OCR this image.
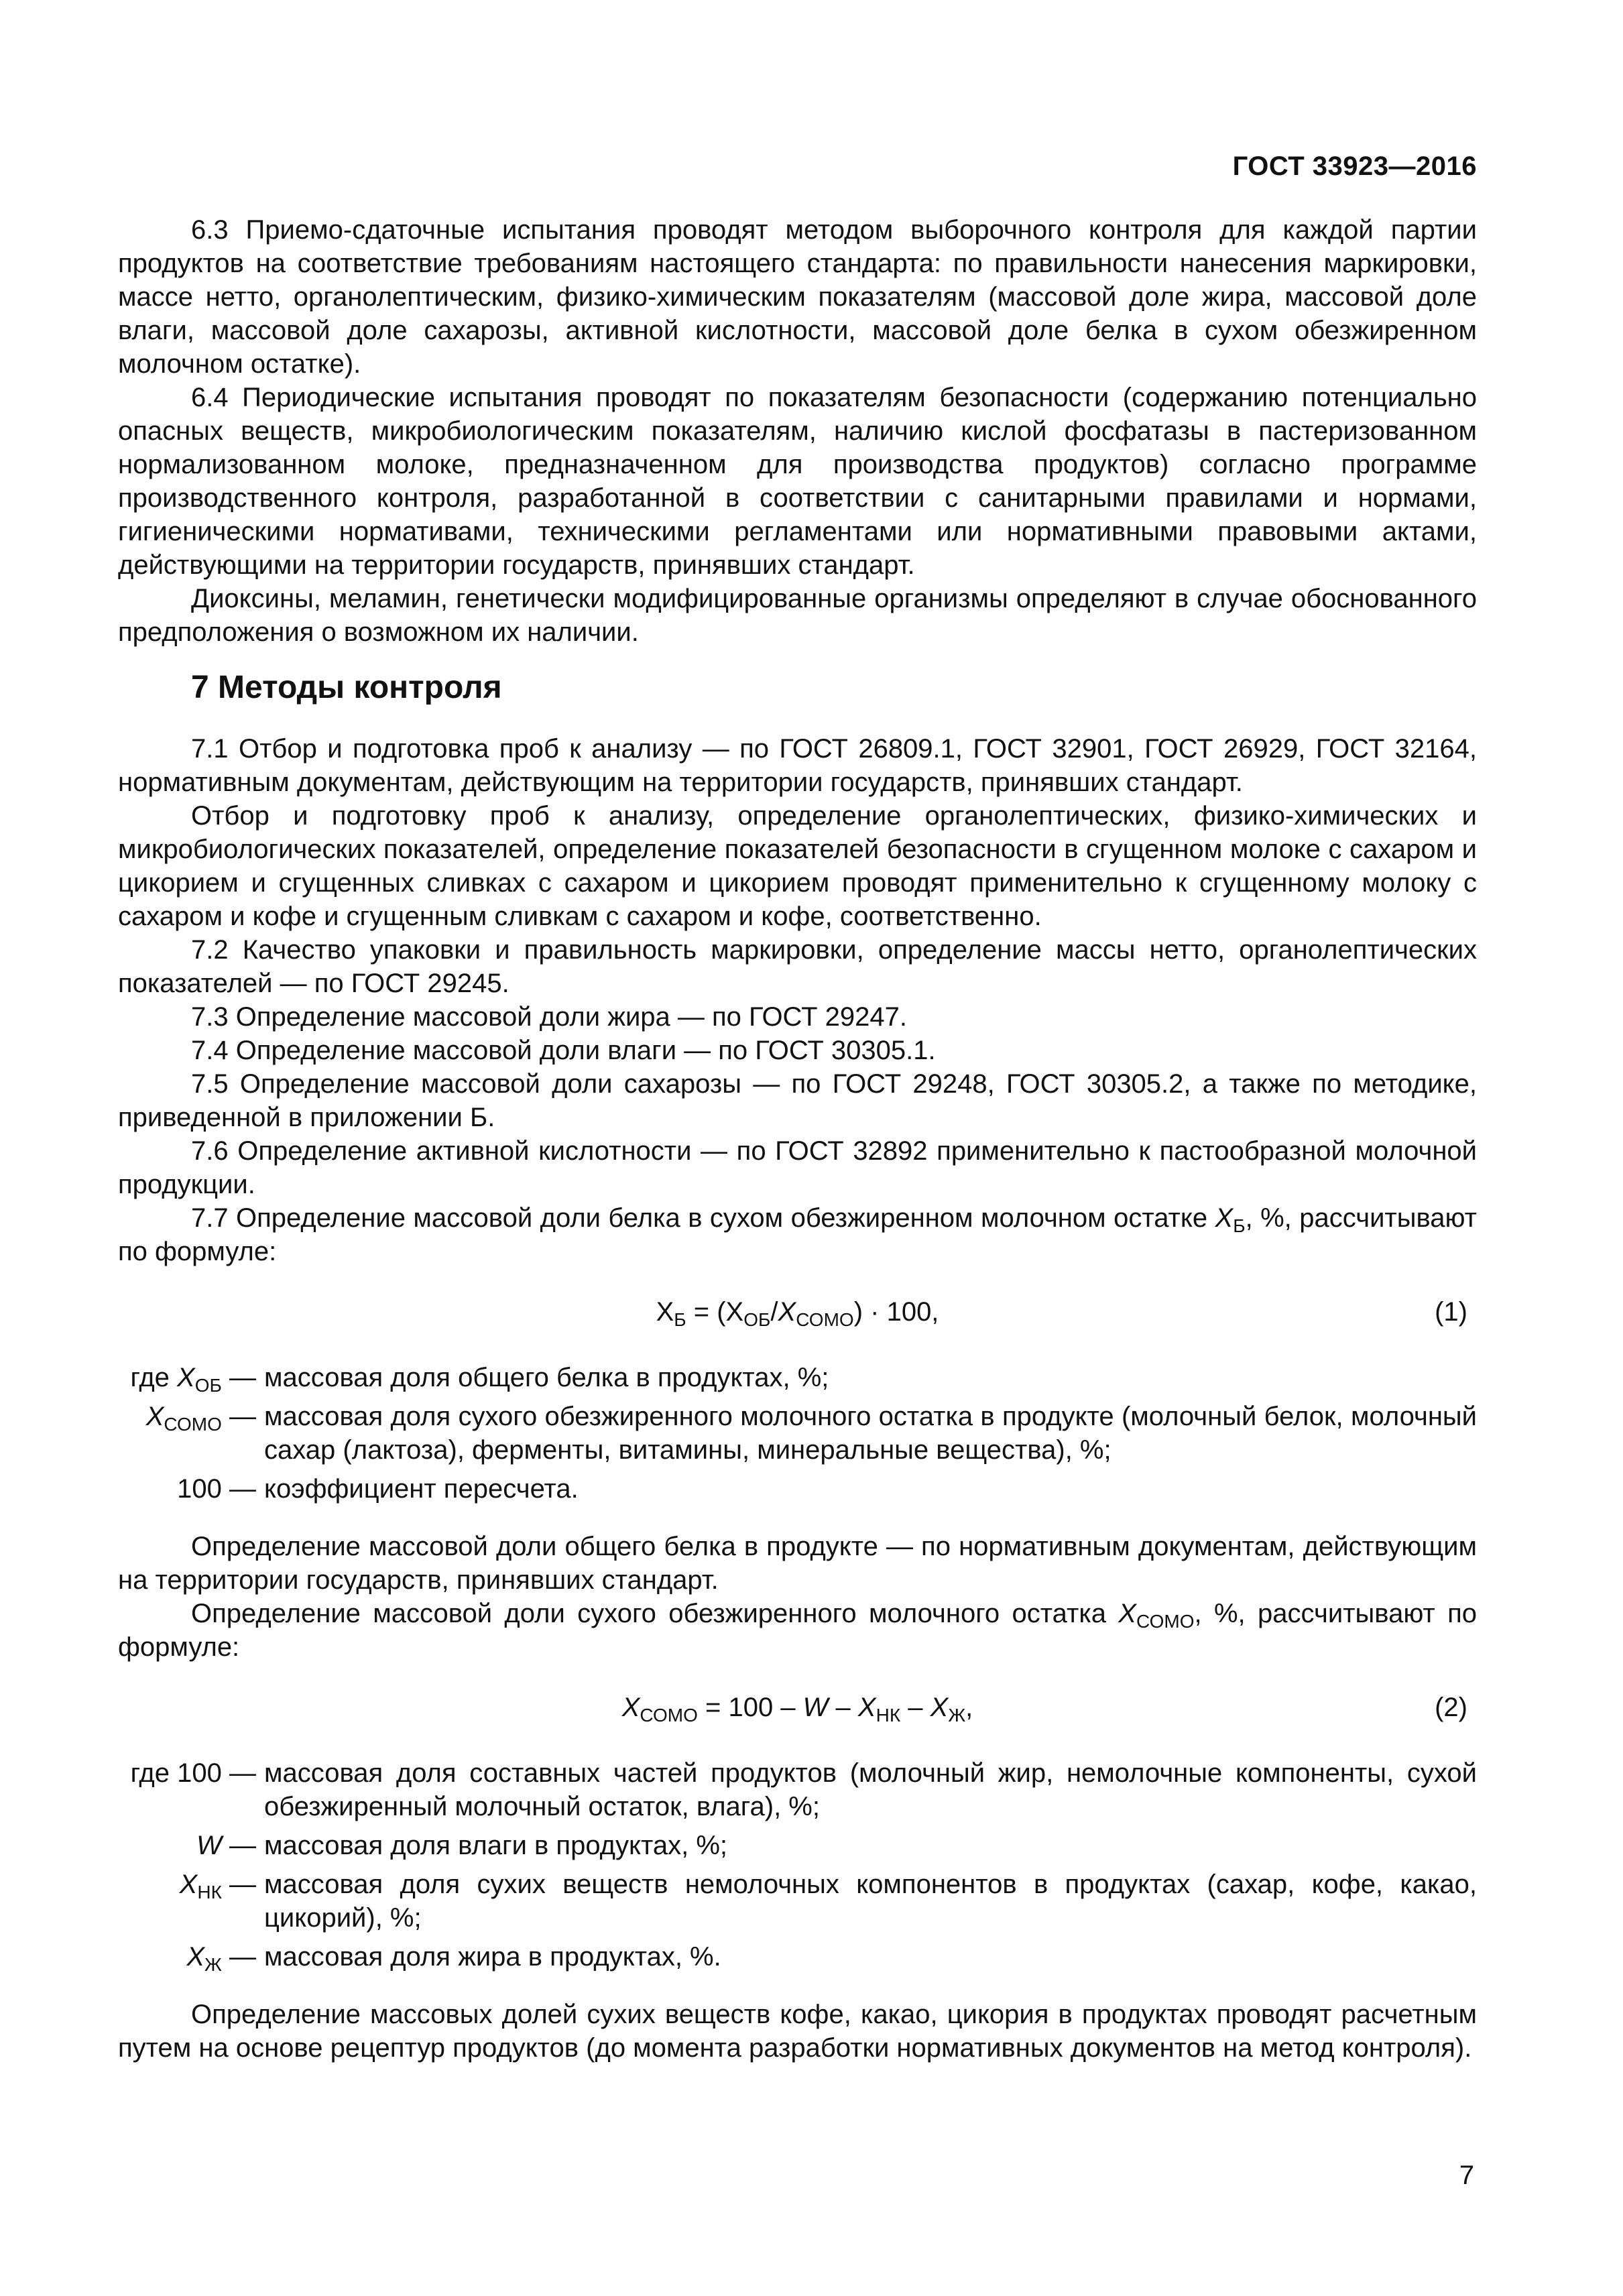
ГОСТ 33923—2016

6.3 Приемо-сдаточные испытания проводят методом выборочного контроля для каждой партии продуктов на соответствие требованиям настоящего стандарта: по правильности нанесения маркировки, массе нетто, органолептическим, физико-химическим показателям (массовой доле жира, массовой доле влаги, массовой доле сахарозы, активной кислотности, массовой доле белка в сухом обезжиренном молочном остатке).

6.4 Периодические испытания проводят по показателям безопасности (содержанию потенциально опасных веществ, микробиологическим показателям, наличию кислой фосфатазы в пастеризованном нормализованном молоке, предназначенном для производства продуктов) согласно программе производственного контроля, разработанной в соответствии с санитарными правилами и нормами, гигиеническими нормативами, техническими регламентами или нормативными правовыми актами, действующими на территории государств, принявших стандарт.

Диоксины, меламин, генетически модифицированные организмы определяют в случае обоснованного предположения о возможном их наличии.

7 Методы контроля

7.1 Отбор и подготовка проб к анализу — по ГОСТ 26809.1, ГОСТ 32901, ГОСТ 26929, ГОСТ 32164, нормативным документам, действующим на территории государств, принявших стандарт.

Отбор и подготовку проб к анализу, определение органолептических, физико-химических и микробиологических показателей, определение показателей безопасности в сгущенном молоке с сахаром и цикорием и сгущенных сливках с сахаром и цикорием проводят применительно к сгущенному молоку с сахаром и кофе и сгущенным сливкам с сахаром и кофе, соответственно.

7.2 Качество упаковки и правильность маркировки, определение массы нетто, органолептических показателей — по ГОСТ 29245.

7.3 Определение массовой доли жира — по ГОСТ 29247.

7.4 Определение массовой доли влаги — по ГОСТ 30305.1.

7.5 Определение массовой доли сахарозы — по ГОСТ 29248, ГОСТ 30305.2, а также по методике, приведенной в приложении Б.

7.6 Определение активной кислотности — по ГОСТ 32892 применительно к пастообразной молочной продукции.

7.7 Определение массовой доли белка в сухом обезжиренном молочном остатке $X_Б$, %, рассчитывают по формуле:

$X_Б = (X_{ОБ}/X_{СОМО}) \cdot 100$,	(1)
где $X_{ОБ}$ — массовая доля общего белка в продуктах, %;
$X_{СОМО}$ — массовая доля сухого обезжиренного молочного остатка в продукте (молочный белок, молочный сахар (лактоза), ферменты, витамины, минеральные вещества), %;
100 — коэффициент пересчета.

Определение массовой доли общего белка в продукте — по нормативным документам, действующим на территории государств, принявших стандарт.

Определение массовой доли сухого обезжиренного молочного остатка $X_{СОМО}$, %, рассчитывают по формуле:

$X_{СОМО} = 100 - W - X_{НК} - X_Ж$,	(2)
где 100 — массовая доля составных частей продуктов (молочный жир, немолочные компоненты, сухой обезжиренный молочный остаток, влага), %;
W — массовая доля влаги в продуктах, %;
$X_{НК}$ — массовая доля сухих веществ немолочных компонентов в продуктах (сахар, кофе, какао, цикорий), %;
$X_Ж$ — массовая доля жира в продуктах, %.

Определение массовых долей сухих веществ кофе, какао, цикория в продуктах проводят расчетным путем на основе рецептур продуктов (до момента разработки нормативных документов на метод контроля).

7
